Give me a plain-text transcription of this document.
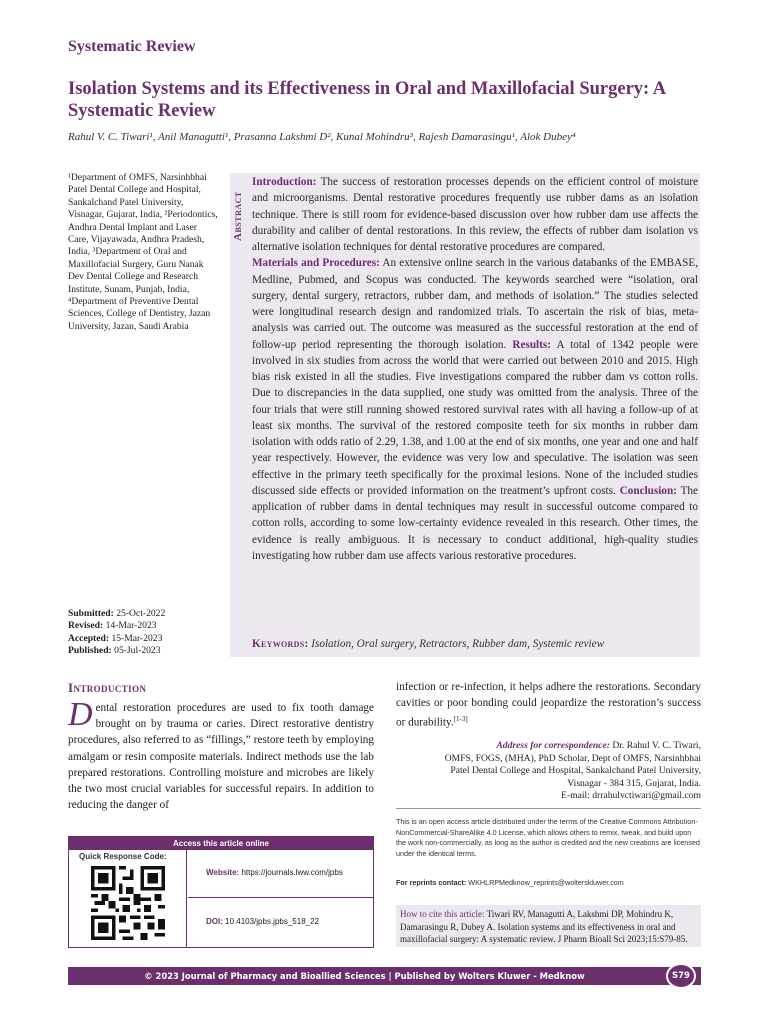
Systematic Review
Isolation Systems and its Effectiveness in Oral and Maxillofacial Surgery: A Systematic Review
Rahul V. C. Tiwari¹, Anil Managutti¹, Prasanna Lakshmi D², Kunal Mohindru³, Rajesh Damarasingu¹, Alok Dubey⁴
¹Department of OMFS, Narsinhbhai Patel Dental College and Hospital, Sankalchand Patel University, Visnagar, Gujarat, India, ²Periodontics, Andhra Dental Implant and Laser Care, Vijayawada, Andhra Pradesh, India, ³Department of Oral and Maxillofacial Surgery, Guru Nanak Dev Dental College and Research Institute, Sunam, Punjab, India, ⁴Department of Preventive Dental Sciences, College of Dentistry, Jazan University, Jazan, Saudi Arabia
Submitted: 25-Oct-2022
Revised: 14-Mar-2023
Accepted: 15-Mar-2023
Published: 05-Jul-2023
Abstract
Introduction: The success of restoration processes depends on the efficient control of moisture and microorganisms. Dental restorative procedures frequently use rubber dams as an isolation technique. There is still room for evidence-based discussion over how rubber dam use affects the durability and caliber of dental restorations. In this review, the effects of rubber dam isolation vs alternative isolation techniques for dental restorative procedures are compared.
Materials and Procedures: An extensive online search in the various databanks of the EMBASE, Medline, Pubmed, and Scopus was conducted. The keywords searched were “isolation, oral surgery, dental surgery, retractors, rubber dam, and methods of isolation.” The studies selected were longitudinal research design and randomized trials. To ascertain the risk of bias, meta-analysis was carried out. The outcome was measured as the successful restoration at the end of follow-up period representing the thorough isolation. Results: A total of 1342 people were involved in six studies from across the world that were carried out between 2010 and 2015. High bias risk existed in all the studies. Five investigations compared the rubber dam vs cotton rolls. Due to discrepancies in the data supplied, one study was omitted from the analysis. Three of the four trials that were still running showed restored survival rates with all having a follow-up of at least six months. The survival of the restored composite teeth for six months in rubber dam isolation with odds ratio of 2.29, 1.38, and 1.00 at the end of six months, one year and one and half year respectively. However, the evidence was very low and speculative. The isolation was seen effective in the primary teeth specifically for the proximal lesions. None of the included studies discussed side effects or provided information on the treatment’s upfront costs. Conclusion: The application of rubber dams in dental techniques may result in successful outcome compared to cotton rolls, according to some low-certainty evidence revealed in this research. Other times, the evidence is really ambiguous. It is necessary to conduct additional, high-quality studies investigating how rubber dam use affects various restorative procedures.
Keywords: Isolation, Oral surgery, Retractors, Rubber dam, Systemic review
Introduction
Dental restoration procedures are used to fix tooth damage brought on by trauma or caries. Direct restorative dentistry procedures, also referred to as “fillings,” restore teeth by employing amalgam or resin composite materials. Indirect methods use the lab prepared restorations. Controlling moisture and microbes are likely the two most crucial variables for successful repairs. In addition to reducing the danger of
infection or re-infection, it helps adhere the restorations. Secondary cavities or poor bonding could jeopardize the restoration’s success or durability.[1-3]
Address for correspondence: Dr. Rahul V. C. Tiwari,
OMFS, FOGS, (MHA), PhD Scholar, Dept of OMFS, Narsinhbhai
Patel Dental College and Hospital, Sankalchand Patel University,
Visnagar - 384 315, Gujarat, India.
E-mail: drrahulvctiwari@gmail.com
This is an open access article distributed under the terms of the Creative Commons Attribution-NonCommercial-ShareAlike 4.0 License, which allows others to remix, tweak, and build upon the work non-commercially, as long as the author is credited and the new creations are licensed under the identical terms.
For reprints contact: WKHLRPMedknow_reprints@wolterskluwer.com
How to cite this article: Tiwari RV, Managutti A, Lakshmi DP, Mohindru K, Damarasingu R, Dubey A. Isolation systems and its effectiveness in oral and maxillofacial surgery: A systematic review. J Pharm Bioall Sci 2023;15:S79-85.
Access this article online
Quick Response Code:
Website: https://journals.lww.com/jpbs
DOI: 10.4103/jpbs.jpbs_518_22
© 2023 Journal of Pharmacy and Bioallied Sciences | Published by Wolters Kluwer - Medknow	S79
